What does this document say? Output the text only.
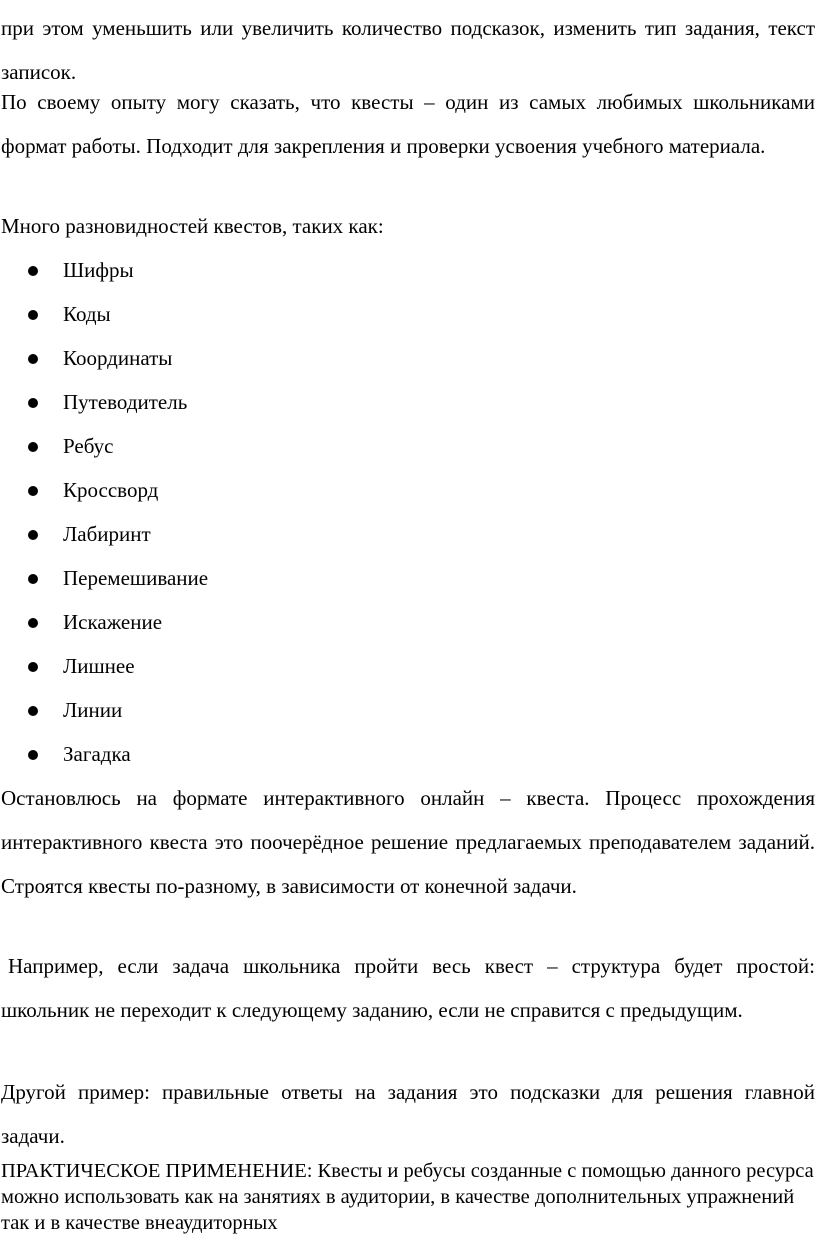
при этом уменьшить или увеличить количество подсказок, изменить тип задания, текст записок.

По своему опыту могу сказать, что квесты – один из самых любимых школьниками формат работы. Подходит для закрепления и проверки усвоения учебного материала.

Много разновидностей квестов, таких как:

Шифры
Коды
Координаты
Путеводитель
Ребус
Кроссворд
Лабиринт
Перемешивание
Искажение
Лишнее
Линии
Загадка

Остановлюсь на формате интерактивного онлайн – квеста. Процесс прохождения интерактивного квеста это поочерёдное решение предлагаемых преподавателем заданий. Строятся квесты по-разному, в зависимости от конечной задачи.

Например, если задача школьника пройти весь квест – структура будет простой: школьник не переходит к следующему заданию, если не справится с предыдущим.

Другой пример: правильные ответы на задания это подсказки для решения главной задачи.

ПРАКТИЧЕСКОЕ ПРИМЕНЕНИЕ: Квесты и ребусы созданные с помощью данного ресурса можно использовать как на занятиях в аудитории, в качестве дополнительных упражнений так и в качестве внеаудиторных
